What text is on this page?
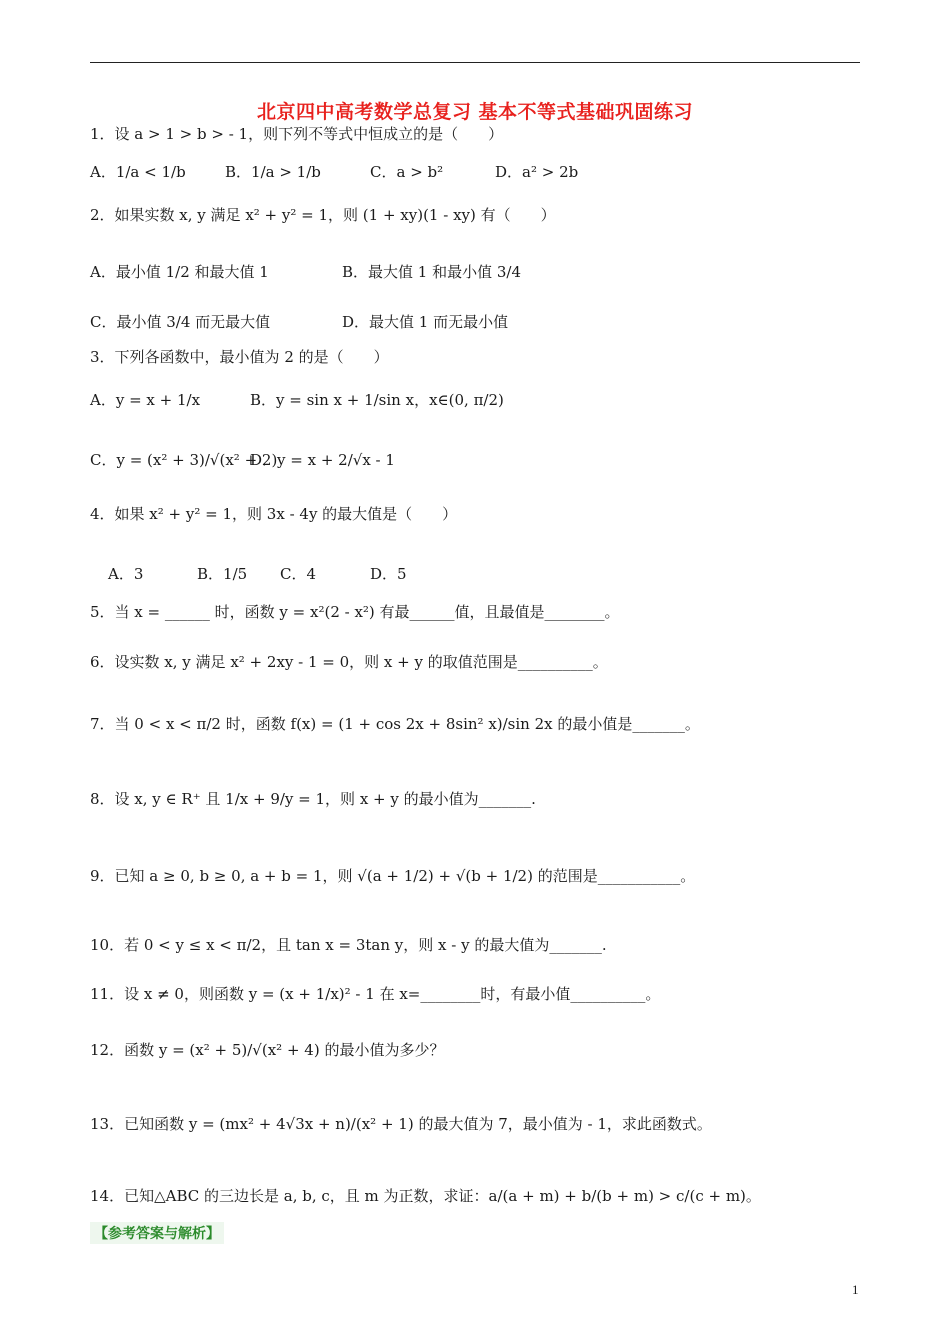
北京四中高考数学总复习 基本不等式基础巩固练习
1．设 a > 1 > b > - 1，则下列不等式中恒成立的是（　　）
A．1/a < 1/b	B．1/a > 1/b	C．a > b²	D．a² > 2b
2．如果实数 x, y 满足 x² + y² = 1，则 (1 + xy)(1 - xy) 有（　　）
A．最小值 1/2 和最大值 1	B．最大值 1 和最小值 3/4
C．最小值 3/4 而无最大值	D．最大值 1 而无最小值
3．下列各函数中，最小值为 2 的是（　　）
A．y = x + 1/x	B．y = sin x + 1/sin x，x∈(0, π/2)
C．y = (x² + 3)/√(x² + 2)
D．y = x + 2/√x - 1
4．如果 x² + y² = 1，则 3x - 4y 的最大值是（　　）
A．3	B．1/5 C．4	D．5
5．当 x = ______ 时，函数 y = x²(2 - x²) 有最______值，且最值是________。
6．设实数 x, y 满足 x² + 2xy - 1 = 0，则 x + y 的取值范围是__________。
7．当 0 < x < π/2 时，函数 f(x) = (1 + cos 2x + 8sin² x)/sin 2x 的最小值是_______。
8．设 x, y ∈ R⁺ 且 1/x + 9/y = 1，则 x + y 的最小值为_______.
9．已知 a ≥ 0, b ≥ 0, a + b = 1，则 √(a + 1/2) + √(b + 1/2) 的范围是___________。
10．若 0 < y ≤ x < π/2，且 tan x = 3tan y，则 x - y 的最大值为_______.
11．设 x ≠ 0，则函数 y = (x + 1/x)² - 1 在 x=________时，有最小值__________。
12．函数 y = (x² + 5)/√(x² + 4) 的最小值为多少？
13．已知函数 y = (mx² + 4√3x + n)/(x² + 1) 的最大值为 7，最小值为 - 1，求此函数式。
14．已知△ABC 的三边长是 a, b, c，且 m 为正数，求证：a/(a + m) + b/(b + m) > c/(c + m)。
【参考答案与解析】
1
